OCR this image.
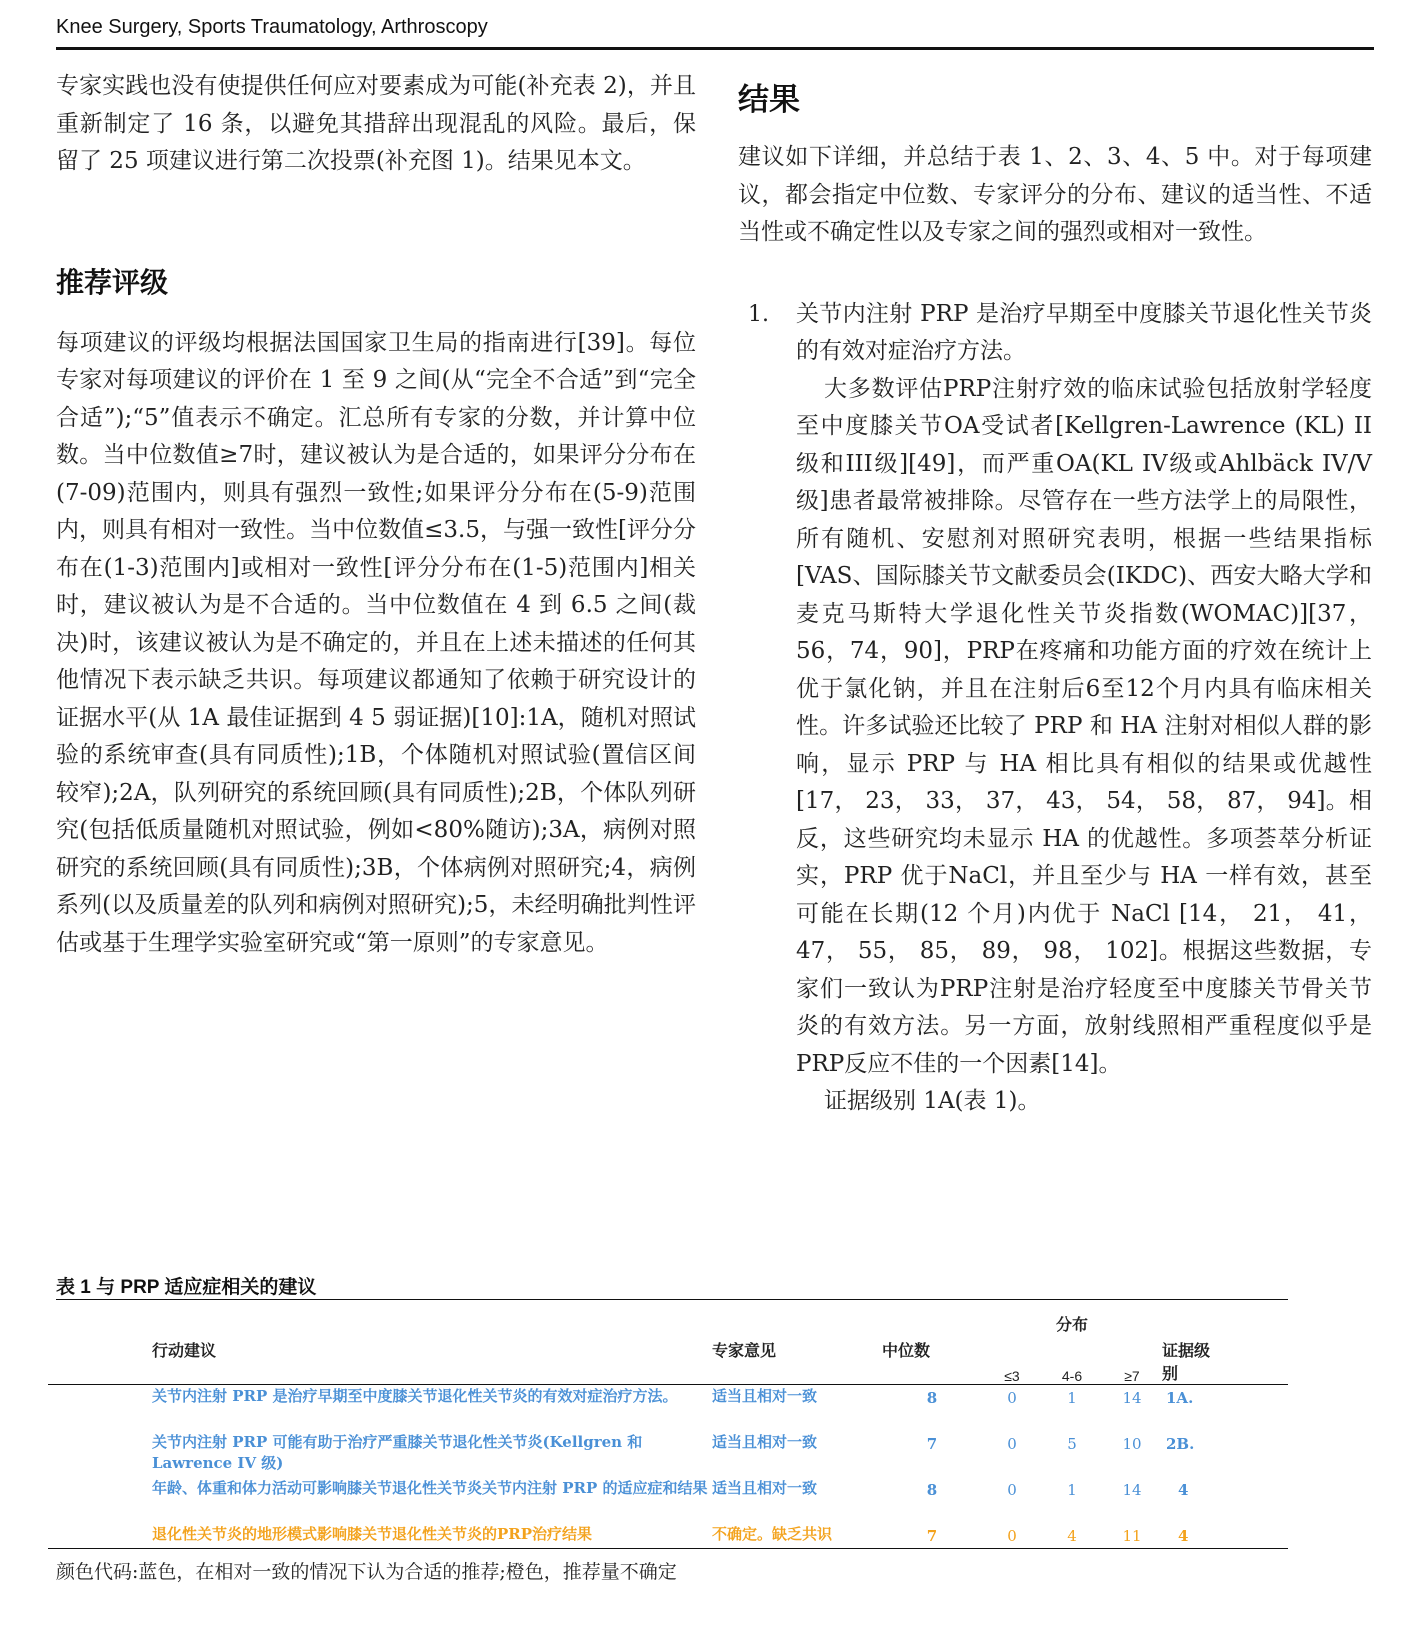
Knee Surgery, Sports Traumatology, Arthroscopy

专家实践也没有使提供任何应对要素成为可能(补充表 2)，并且重新制定了 16 条，以避免其措辞出现混乱的风险。最后，保留了 25 项建议进行第二次投票(补充图 1)。结果见本文。

推荐评级

每项建议的评级均根据法国国家卫生局的指南进行[39]。每位专家对每项建议的评价在 1 至 9 之间(从“完全不合适”到“完全合适”);“5”值表示不确定。汇总所有专家的分数，并计算中位数。当中位数值≥7时，建议被认为是合适的，如果评分分布在(7-09)范围内，则具有强烈一致性;如果评分分布在(5-9)范围内，则具有相对一致性。当中位数值≤3.5，与强一致性[评分分布在(1-3)范围内]或相对一致性[评分分布在(1-5)范围内]相关时，建议被认为是不合适的。当中位数值在 4 到 6.5 之间(裁决)时，该建议被认为是不确定的，并且在上述未描述的任何其他情况下表示缺乏共识。每项建议都通知了依赖于研究设计的证据水平(从 1A 最佳证据到 4 5 弱证据)[10]:1A，随机对照试验的系统审查(具有同质性);1B，个体随机对照试验(置信区间较窄);2A，队列研究的系统回顾(具有同质性);2B，个体队列研究(包括低质量随机对照试验，例如<80%随访);3A，病例对照研究的系统回顾(具有同质性);3B，个体病例对照研究;4，病例系列(以及质量差的队列和病例对照研究);5，未经明确批判性评估或基于生理学实验室研究或“第一原则”的专家意见。

结果

建议如下详细，并总结于表 1、2、3、4、5 中。对于每项建议，都会指定中位数、专家评分的分布、建议的适当性、不适当性或不确定性以及专家之间的强烈或相对一致性。

1.	关节内注射 PRP 是治疗早期至中度膝关节退化性关节炎的有效对症治疗方法。

大多数评估PRP注射疗效的临床试验包括放射学轻度至中度膝关节OA受试者[Kellgren-Lawrence (KL) II级和III级][49]，而严重OA(KL IV级或Ahlbäck IV/V级]患者最常被排除。尽管存在一些方法学上的局限性，所有随机、安慰剂对照研究表明，根据一些结果指标[VAS、国际膝关节文献委员会(IKDC)、西安大略大学和麦克马斯特大学退化性关节炎指数(WOMAC)][37，56，74，90]，PRP在疼痛和功能方面的疗效在统计上优于氯化钠，并且在注射后6至12个月内具有临床相关性。许多试验还比较了 PRP 和 HA 注射对相似人群的影响，显示 PRP 与 HA 相比具有相似的结果或优越性 [17， 23， 33， 37， 43， 54， 58， 87， 94]。相反，这些研究均未显示 HA 的优越性。多项荟萃分析证实，PRP 优于NaCl，并且至少与 HA 一样有效，甚至可能在长期(12 个月)内优于 NaCl [14， 21， 41， 47， 55， 85， 89， 98， 102]。根据这些数据，专家们一致认为PRP注射是治疗轻度至中度膝关节骨关节炎的有效方法。另一方面，放射线照相严重程度似乎是PRP反应不佳的一个因素[14]。

证据级别 1A(表 1)。

表 1 与 PRP 适应症相关的建议
				分布			
	行动建议	专家意见	中位数	≤3	4-6	≥7	证据级别
	关节内注射 PRP 是治疗早期至中度膝关节退化性关节炎的有效对症治疗方法。	适当且相对一致	8	0	1	14	1A.
	关节内注射 PRP 可能有助于治疗严重膝关节退化性关节炎(Kellgren 和 Lawrence IV 级)	适当且相对一致	7	0	5	10	2B.
	年龄、体重和体力活动可影响膝关节退化性关节炎关节内注射 PRP 的适应症和结果	适当且相对一致	8	0	1	14	4
	退化性关节炎的地形模式影响膝关节退化性关节炎的PRP治疗结果	不确定。缺乏共识	7	0	4	11	4
颜色代码:蓝色，在相对一致的情况下认为合适的推荐;橙色，推荐量不确定
